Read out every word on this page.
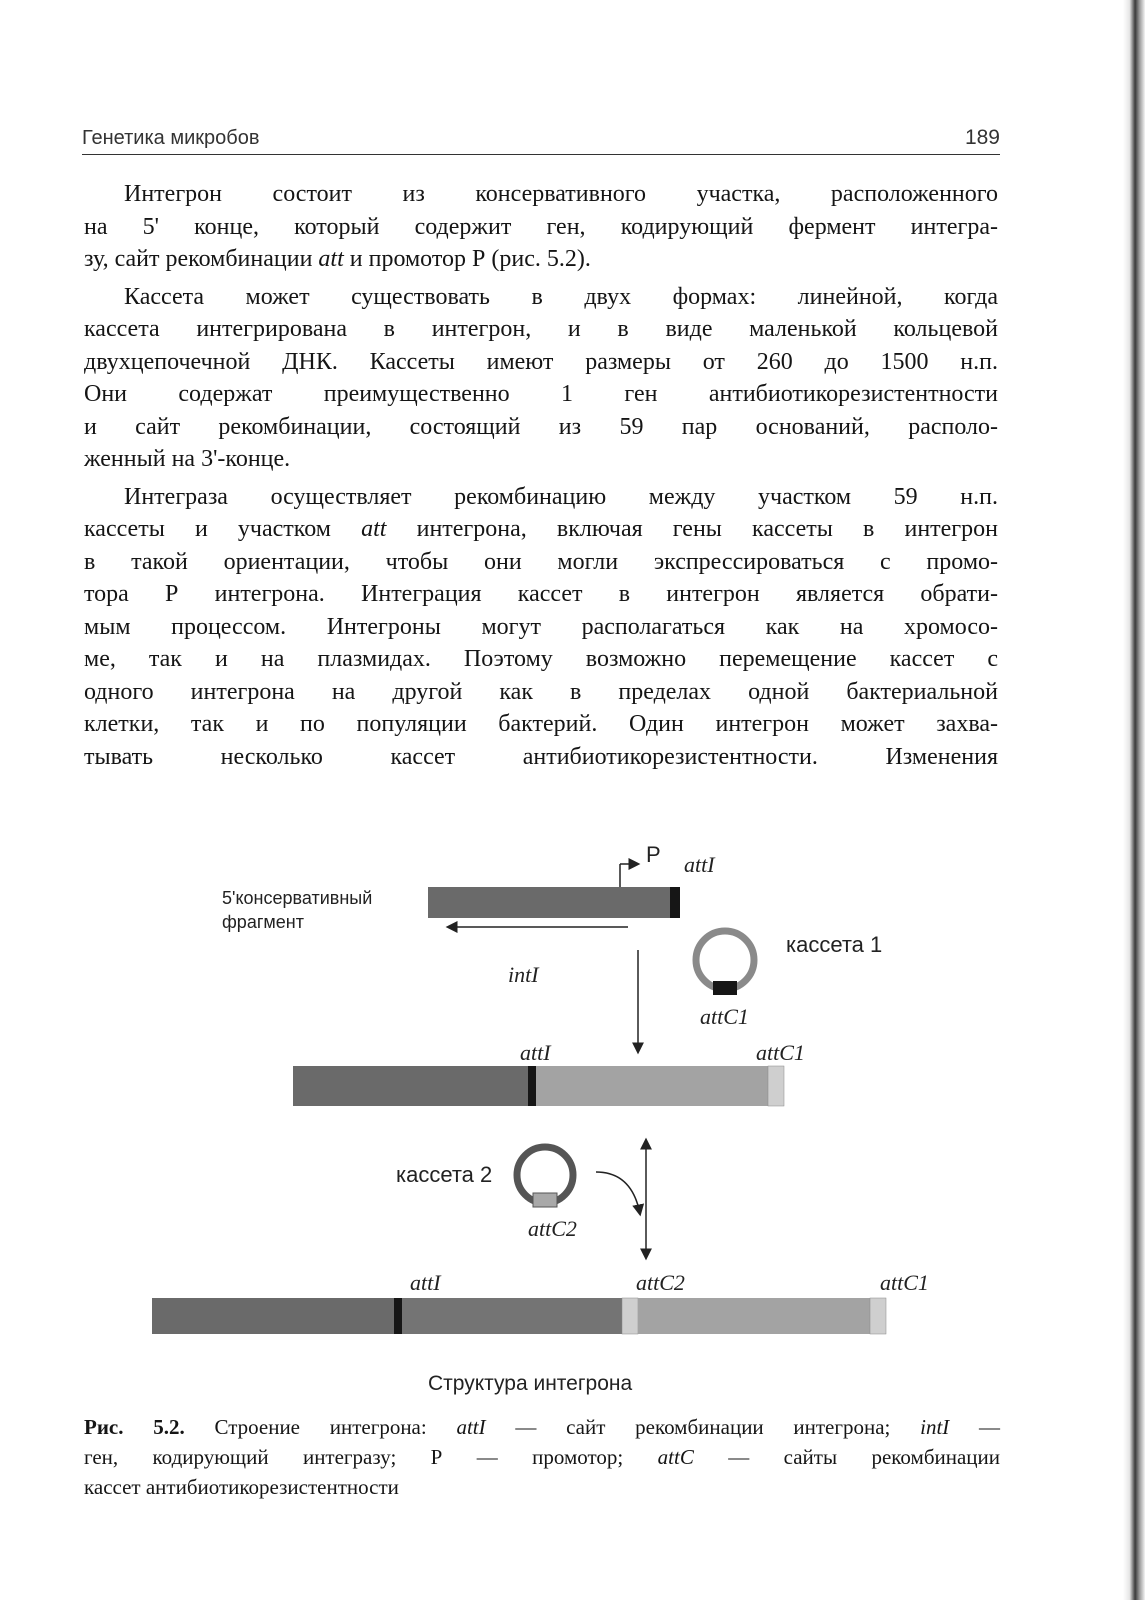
Генетика микробов	189

Интегрон состоит из консервативного участка, расположенного
на 5' конце, который содержит ген, кодирующий фермент интегра-
зу, сайт рекомбинации att и промотор Р (рис. 5.2).

Кассета может существовать в двух формах: линейной, когда
кассета интегрирована в интегрон, и в виде маленькой кольцевой
двухцепочечной ДНК. Кассеты имеют размеры от 260 до 1500 н.п.
Они содержат преимущественно 1 ген антибиотикорезистентности
и сайт рекомбинации, состоящий из 59 пар оснований, располо-
женный на 3'-конце.

Интеграза осуществляет рекомбинацию между участком 59 н.п.
кассеты и участком att интегрона, включая гены кассеты в интегрон
в такой ориентации, чтобы они могли экспрессироваться с промо-
тора Р интегрона. Интеграция кассет в интегрон является обрати-
мым процессом. Интегроны могут располагаться как на хромосо-
ме, так и на плазмидах. Поэтому возможно перемещение кассет с
одного интегрона на другой как в пределах одной бактериальной
клетки, так и по популяции бактерий. Один интегрон может захва-
тывать несколько кассет антибиотикорезистентности. Изменения

P attI
5'консервативный
фрагмент
intI
кассета 1
attC1
attI	attC1
кассета 2
attC2
attI	attC2	attC1
Структура интегрона
Рис. 5.2. Строение интегрона: attI — сайт рекомбинации интегрона; intI —
ген, кодирующий интегразу; Р — промотор; attC — сайты рекомбинации
кассет антибиотикорезистентности
